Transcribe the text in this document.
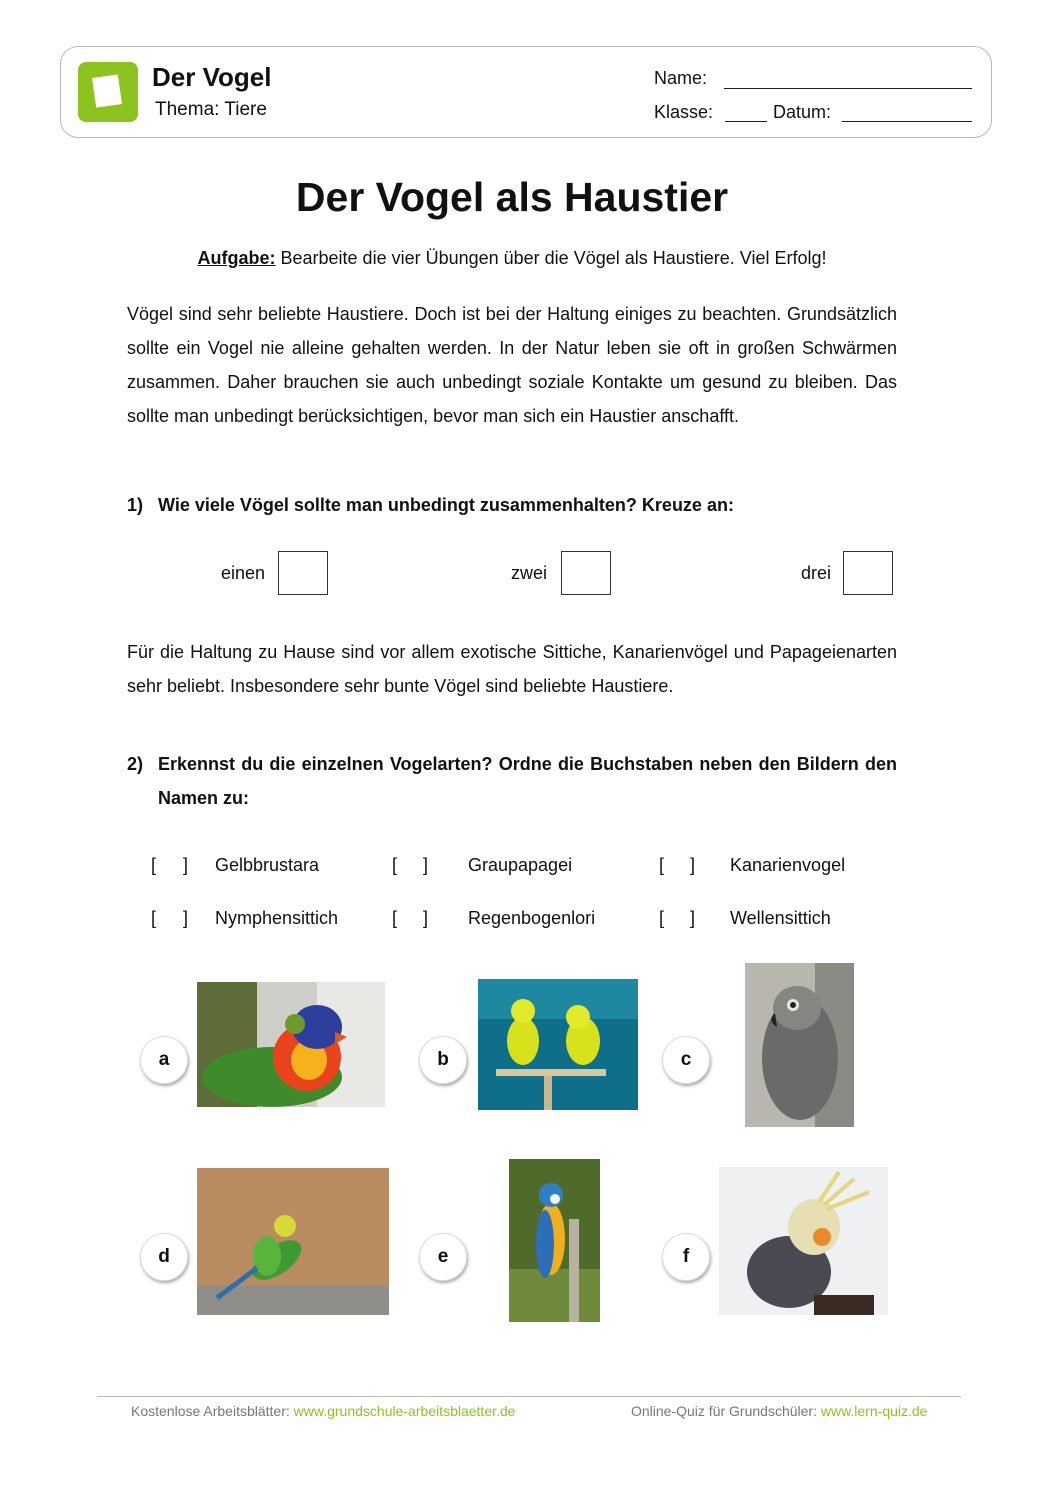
Der Vogel
Thema: Tiere
Name:
Klasse:	Datum:
Der Vogel als Haustier
Aufgabe: Bearbeite die vier Übungen über die Vögel als Haustiere. Viel Erfolg!
Vögel sind sehr beliebte Haustiere. Doch ist bei der Haltung einiges zu beachten. Grundsätzlich sollte ein Vogel nie alleine gehalten werden. In der Natur leben sie oft in großen Schwärmen zusammen. Daher brauchen sie auch unbedingt soziale Kontakte um gesund zu bleiben. Das sollte man unbedingt berücksichtigen, bevor man sich ein Haustier anschafft.
1) Wie viele Vögel sollte man unbedingt zusammenhalten? Kreuze an:
einen	zwei	drei
Für die Haltung zu Hause sind vor allem exotische Sittiche, Kanarienvögel und Papageienarten sehr beliebt. Insbesondere sehr bunte Vögel sind beliebte Haustiere.
2) Erkennst du die einzelnen Vogelarten? Ordne die Buchstaben neben den Bildern den Namen zu:
[ ] Gelbbrustara	[ ] Graupapagei	[ ] Kanarienvogel
[ ] Nymphensittich	[ ] Regenbogenlori	[ ] Wellensittich
a	b	c
d	e	f
Kostenlose Arbeitsblätter: www.grundschule-arbeitsblaetter.de	Online-Quiz für Grundschüler: www.lern-quiz.de
